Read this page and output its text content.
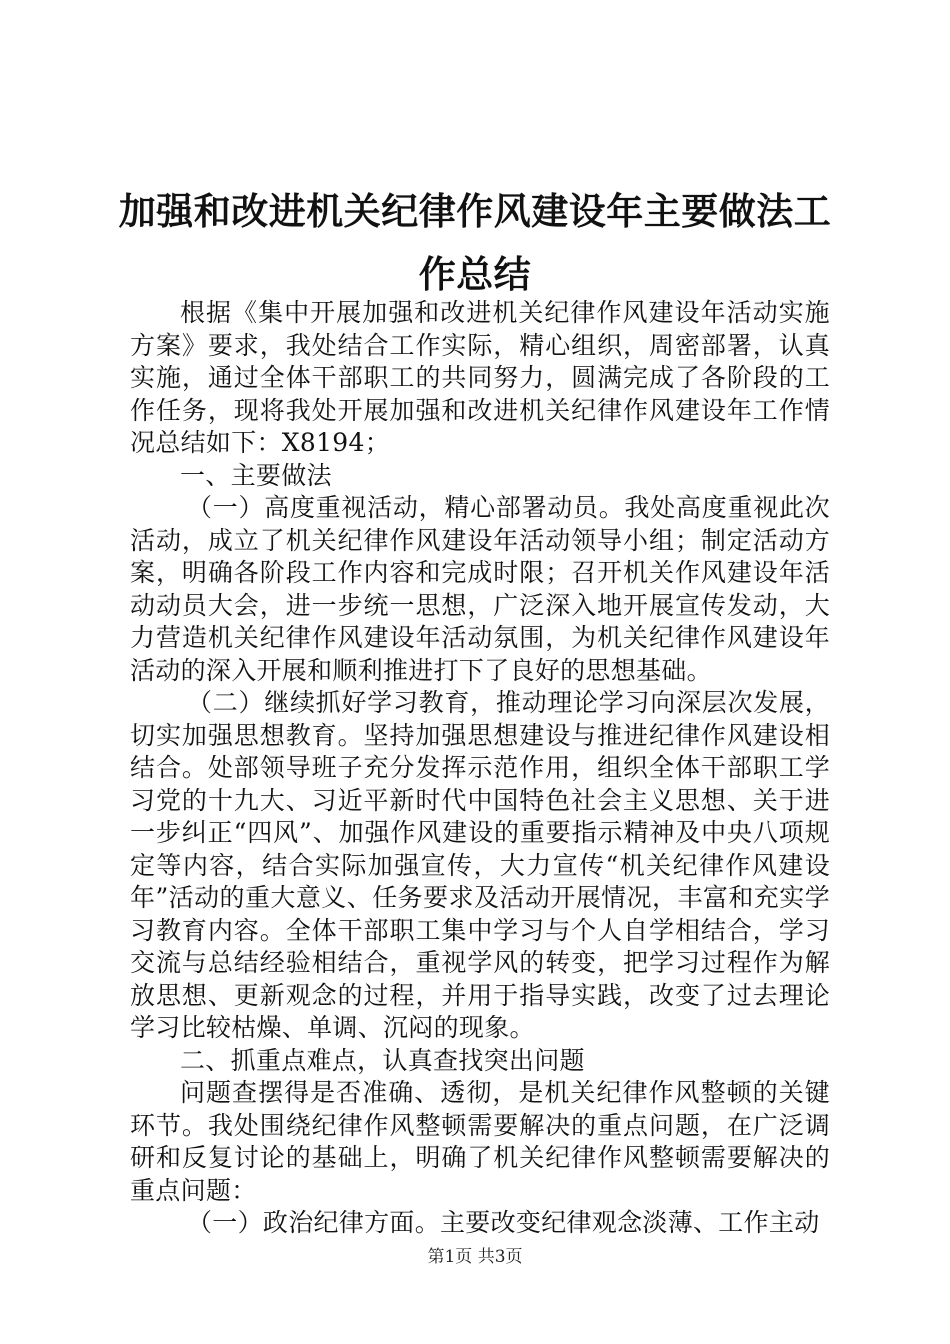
加强和改进机关纪律作风建设年主要做法工作总结

根据《集中开展加强和改进机关纪律作风建设年活动实施方案》要求，我处结合工作实际，精心组织，周密部署，认真实施，通过全体干部职工的共同努力，圆满完成了各阶段的工作任务，现将我处开展加强和改进机关纪律作风建设年工作情况总结如下：X8194；

一、主要做法

（一）高度重视活动，精心部署动员。我处高度重视此次活动，成立了机关纪律作风建设年活动领导小组；制定活动方案，明确各阶段工作内容和完成时限；召开机关作风建设年活动动员大会，进一步统一思想，广泛深入地开展宣传发动，大力营造机关纪律作风建设年活动氛围，为机关纪律作风建设年活动的深入开展和顺利推进打下了良好的思想基础。

（二）继续抓好学习教育，推动理论学习向深层次发展，切实加强思想教育。坚持加强思想建设与推进纪律作风建设相结合。处部领导班子充分发挥示范作用，组织全体干部职工学习党的十九大、习近平新时代中国特色社会主义思想、关于进一步纠正“四风”、加强作风建设的重要指示精神及中央八项规定等内容，结合实际加强宣传，大力宣传“机关纪律作风建设年”活动的重大意义、任务要求及活动开展情况，丰富和充实学习教育内容。全体干部职工集中学习与个人自学相结合，学习交流与总结经验相结合，重视学风的转变，把学习过程作为解放思想、更新观念的过程，并用于指导实践，改变了过去理论学习比较枯燥、单调、沉闷的现象。

二、抓重点难点，认真查找突出问题

问题查摆得是否准确、透彻，是机关纪律作风整顿的关键环节。我处围绕纪律作风整顿需要解决的重点问题，在广泛调研和反复讨论的基础上，明确了机关纪律作风整顿需要解决的重点问题：

（一）政治纪律方面。主要改变纪律观念淡薄、工作主动

第1页 共3页
